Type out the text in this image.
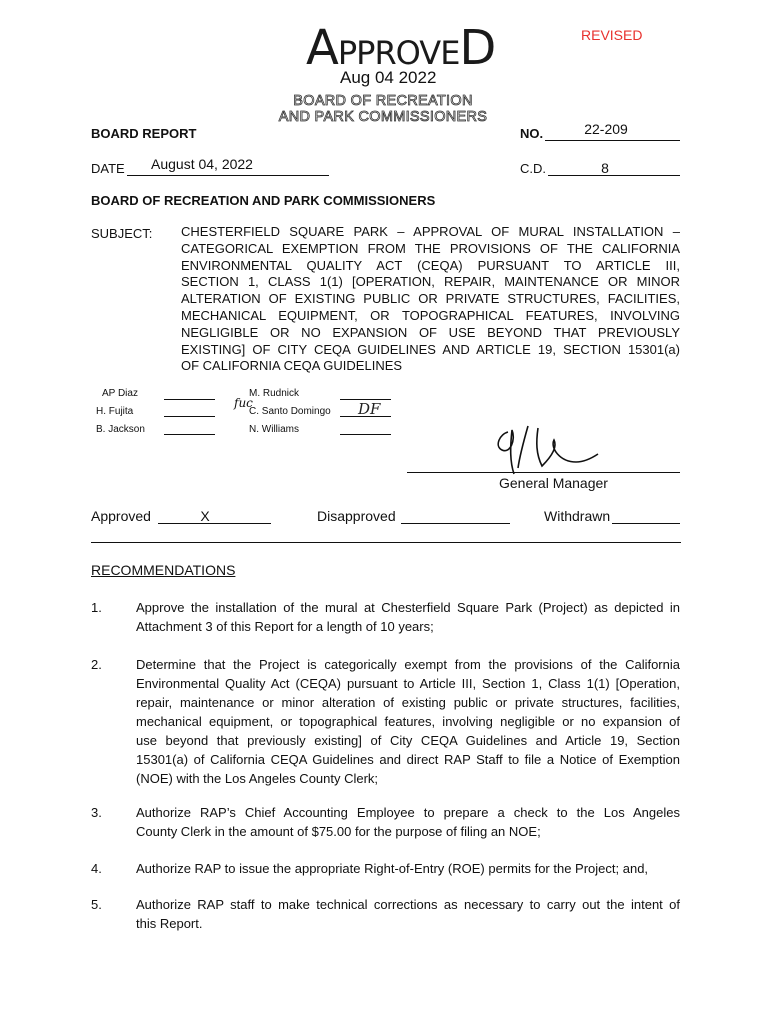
APPROVED	REVISED
Aug 04 2022
BOARD OF RECREATION
AND PARK COMMISSIONERS
BOARD REPORT	NO.	22-209
DATE	August 04, 2022	C.D.	8
BOARD OF RECREATION AND PARK COMMISSIONERS
SUBJECT: CHESTERFIELD SQUARE PARK – APPROVAL OF MURAL INSTALLATION –
CATEGORICAL EXEMPTION FROM THE PROVISIONS OF THE CALIFORNIA
ENVIRONMENTAL QUALITY ACT (CEQA) PURSUANT TO ARTICLE III,
SECTION 1, CLASS 1(1) [OPERATION, REPAIR, MAINTENANCE OR MINOR
ALTERATION OF EXISTING PUBLIC OR PRIVATE STRUCTURES, FACILITIES,
MECHANICAL EQUIPMENT, OR TOPOGRAPHICAL FEATURES, INVOLVING
NEGLIGIBLE OR NO EXPANSION OF USE BEYOND THAT PREVIOUSLY
EXISTING] OF CITY CEQA GUIDELINES AND ARTICLE 19, SECTION 15301(a)
OF CALIFORNIA CEQA GUIDELINES
AP Diaz
H. Fujita
B. Jackson
M. Rudnick
fuc
C. Santo Domingo DF
N. Williams
General Manager
Approved	X	Disapproved	Withdrawn
RECOMMENDATIONS
1.	Approve the installation of the mural at Chesterfield Square Park (Project) as depicted in
Attachment 3 of this Report for a length of 10 years;
2.	Determine that the Project is categorically exempt from the provisions of the California
Environmental Quality Act (CEQA) pursuant to Article III, Section 1, Class 1(1) [Operation,
repair, maintenance or minor alteration of existing public or private structures, facilities,
mechanical equipment, or topographical features, involving negligible or no expansion of
use beyond that previously existing] of City CEQA Guidelines and Article 19, Section
15301(a) of California CEQA Guidelines and direct RAP Staff to file a Notice of Exemption
(NOE) with the Los Angeles County Clerk;
3.	Authorize RAP’s Chief Accounting Employee to prepare a check to the Los Angeles
County Clerk in the amount of $75.00 for the purpose of filing an NOE;
4.	Authorize RAP to issue the appropriate Right-of-Entry (ROE) permits for the Project; and,
5.	Authorize RAP staff to make technical corrections as necessary to carry out the intent of
this Report.
